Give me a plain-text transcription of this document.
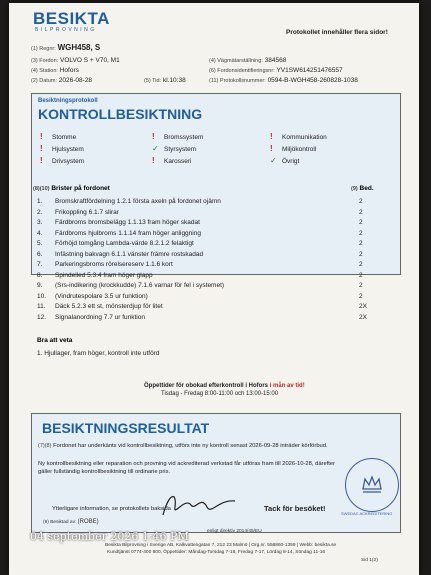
BESIKTA
BILPROVNING	Protokollet innehåller flera sidor!
(1) Regnr: WGH458, S
(3) Fordon: VOLVO S + V70, M1
(4) Station: Hofors
(2) Datum: 2026-08-28	(5) Tid: kl.10:38
(4) Vägmätarställning: 384568
(6) Fordonsidentifieringsnr: YV1SW614251476557
(11) Protokollsnummer: 0594-B-WGH458-260828-1038
Besiktningsprotokoll
KONTROLLBESIKTNING
! Stomme	! Bromssystem	! Kommunikation
! Hjulsystem	✓ Styrsystem	! Miljökontroll
! Drivsystem	! Karosseri	✓ Övrigt
(8)(10) Brister på fordonet	(9) Bed.
1. Bromskraftfördelning 1.2.1 första axeln på fordonet ojämn	2
2. Frikoppling 6.1.7 slirar	2
3. Färdbroms bromsbelägg 1.1.13 fram höger skadat	2
4. Färdbroms hjulbroms 1.1.14 fram höger anliggning	2
5. Förhöjd tomgång Lambda-värde 8.2.1.2 felaktigt	2
6. Infästning bakvagn 6.1.1 vänster främre rostskadad	2
7. Parkeringsbroms rörelsereserv 1.1.6 kort	2
8. Spindelled 5.3.4 fram höger glapp	2
9. (Srs-indikering (krockkudde) 7.1.6 varnar för fel i systemet)	2
10. (Vindrutespolare 3.5 ur funktion)	2
11. Däck 5.2.3 ett st, mönsterdjup för litet	2X
12. Signalanordning 7.7 ur funktion	2X
Bra att veta
1. Hjullager, fram höger, kontroll inte utförd
Öppettider för obokad efterkontroll i Hofors i mån av tid!
Tisdag - Fredag 8:00-11:00 och 13:00-15:00
BESIKTNINGSRESULTAT
(7)(8) Fordonet har underkänts vid kontrollbesiktning, utförs inte ny kontroll senast 2026-09-28 inträder körförbud.
Ny kontrollbesiktning eller reparation och provning vid ackrediterad verkstad får utföras fram till 2026-10-28, därefter gäller fullständig kontrollbesiktning till ordinarie pris.
Ytterligare information, se protokollets baksida	Tack för besöket!
SWEDAC ACKREDITERING
(9) Besiktad av: (ROBE)
enligt direktiv 2014/45/EU
Besikta Bilprovning i Sverige AB, Kalkvattengatan 7, 212 23 Malmö | Org.nr. 556860-1359 | Webb: besikta.se
Kundtjänst 0774-400 800, Öppettider: Måndag-Torsdag 7-18, Fredag 7-17, Lördag 8-14, Söndag 11-16
Sid 1(2)
04 september 2026 1:46 PM
